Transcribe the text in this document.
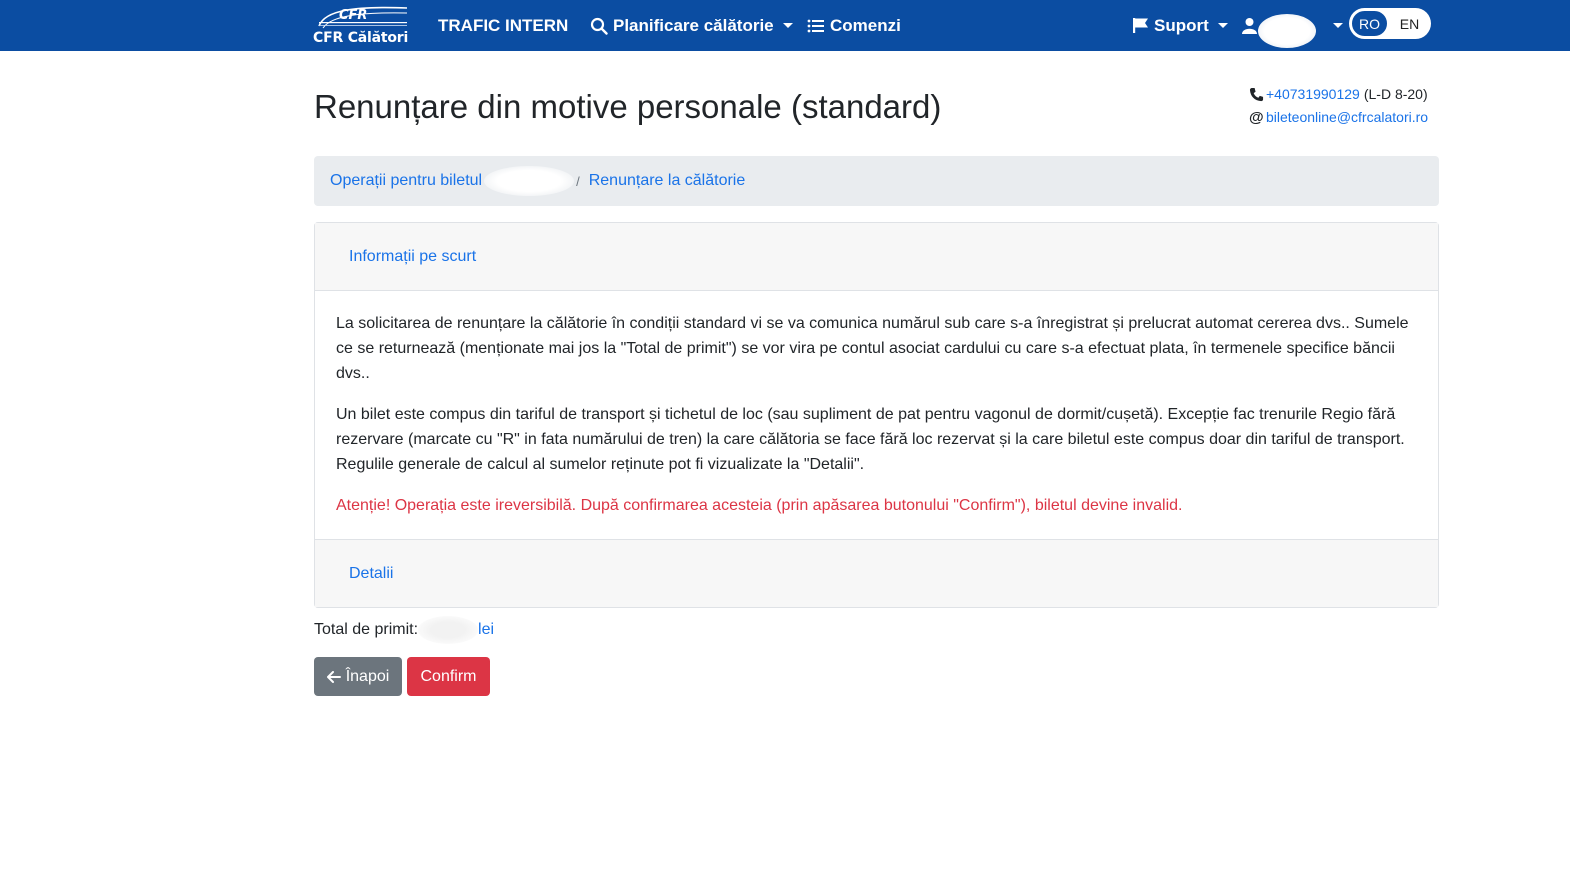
CFR
CFR Călători
TRAFIC INTERN	Planificare călătorie	Comenzi	Suport	RO	EN
Renunțare din motive personale (standard)	+40731990129 (L-D 8-20)
@ bileteonline@cfrcalatori.ro
Operații pentru biletul	/ Renunțare la călătorie
Informații pe scurt

La solicitarea de renunțare la călătorie în condiții standard vi se va comunica numărul sub care s-a înregistrat și prelucrat automat cererea dvs.. Sumele ce se returnează (menționate mai jos la "Total de primit") se vor vira pe contul asociat cardului cu care s-a efectuat plata, în termenele specifice băncii dvs..

Un bilet este compus din tariful de transport și tichetul de loc (sau supliment de pat pentru vagonul de dormit/cușetă). Excepție fac trenurile Regio fără rezervare (marcate cu "R" in fata numărului de tren) la care călătoria se face fără loc rezervat și la care biletul este compus doar din tariful de transport. Regulile generale de calcul al sumelor reținute pot fi vizualizate la "Detalii".

Atenție! Operația este ireversibilă. După confirmarea acesteia (prin apăsarea butonului "Confirm"), biletul devine invalid.

Detalii
Total de primit:	lei
Înapoi Confirm
